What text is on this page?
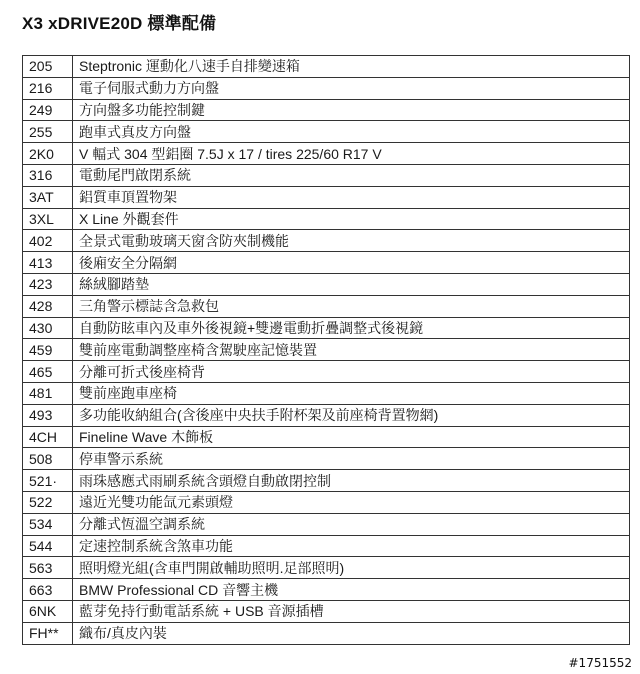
X3 xDRIVE20D 標準配備
205	Steptronic 運動化八速手自排變速箱
216	電子伺服式動力方向盤
249	方向盤多功能控制鍵
255	跑車式真皮方向盤
2K0	V 輻式 304 型鋁圈 7.5J x 17 / tires 225/60 R17 V
316	電動尾門啟閉系統
3AT	鋁質車頂置物架
3XL	X Line 外觀套件
402	全景式電動玻璃天窗含防夾制機能
413	後廂安全分隔網
423	絲絨腳踏墊
428	三角警示標誌含急救包
430	自動防眩車內及車外後視鏡+雙邊電動折疊調整式後視鏡
459	雙前座電動調整座椅含駕駛座記憶裝置
465	分離可折式後座椅背
481	雙前座跑車座椅
493	多功能收納組合(含後座中央扶手附杯架及前座椅背置物網)
4CH	Fineline Wave 木飾板
508	停車警示系統
521·	雨珠感應式雨刷系統含頭燈自動啟閉控制
522	遠近光雙功能氙元素頭燈
534	分離式恆溫空調系統
544	定速控制系統含煞車功能
563	照明燈光組(含車門開啟輔助照明.足部照明)
663	BMW Professional CD 音響主機
6NK	藍芽免持行動電話系統 + USB 音源插槽
FH**	織布/真皮內裝
#1751552
